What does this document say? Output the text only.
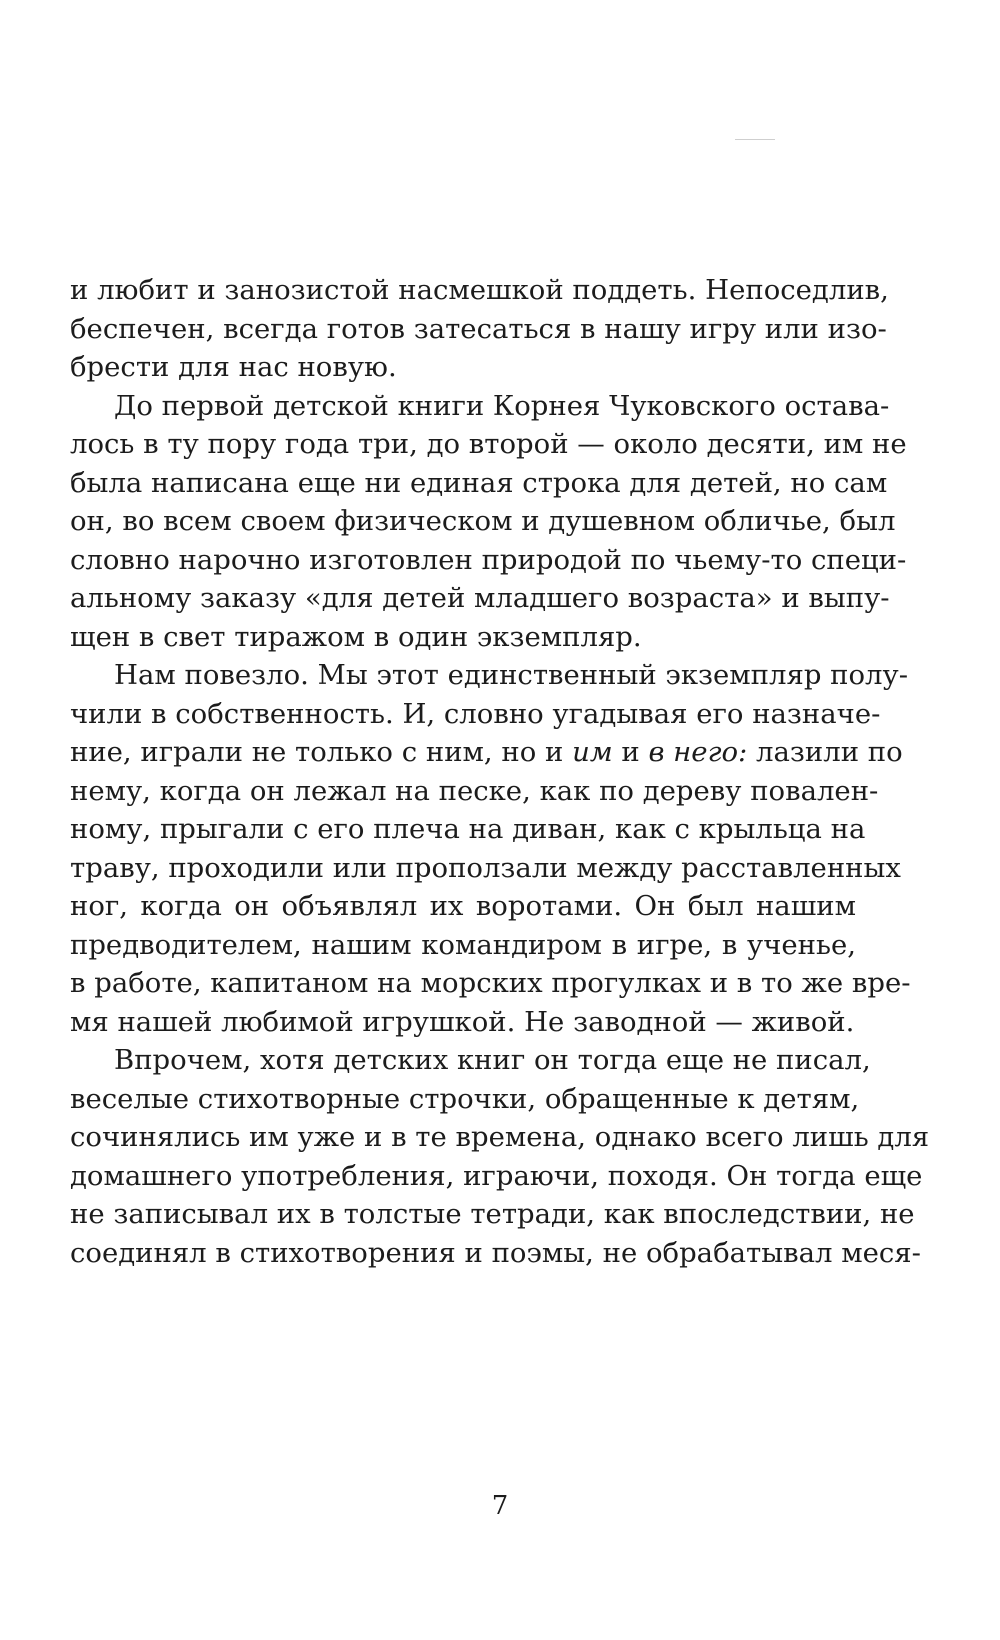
и любит и занозистой насмешкой поддеть. Непоседлив,
беспечен, всегда готов затесаться в нашу игру или изо-
брести для нас новую.
До первой детской книги Корнея Чуковского остава-
лось в ту пору года три, до второй — около десяти, им не
была написана еще ни единая строка для детей, но сам
он, во всем своем физическом и душевном обличье, был
словно нарочно изготовлен природой по чьему-то специ-
альному заказу «для детей младшего возраста» и выпу-
щен в свет тиражом в один экземпляр.
Нам повезло. Мы этот единственный экземпляр полу-
чили в собственность. И, словно угадывая его назначе-
ние, играли не только с ним, но и им и в него: лазили по
нему, когда он лежал на песке, как по дереву повален-
ному, прыгали с его плеча на диван, как с крыльца на
траву, проходили или проползали между расставленных
ног, когда он объявлял их воротами. Он был нашим
предводителем, нашим командиром в игре, в ученье,
в работе, капитаном на морских прогулках и в то же вре-
мя нашей любимой игрушкой. Не заводной — живой.
Впрочем, хотя детских книг он тогда еще не писал,
веселые стихотворные строчки, обращенные к детям,
сочинялись им уже и в те времена, однако всего лишь для
домашнего употребления, играючи, походя. Он тогда еще
не записывал их в толстые тетради, как впоследствии, не
соединял в стихотворения и поэмы, не обрабатывал меся-
7
